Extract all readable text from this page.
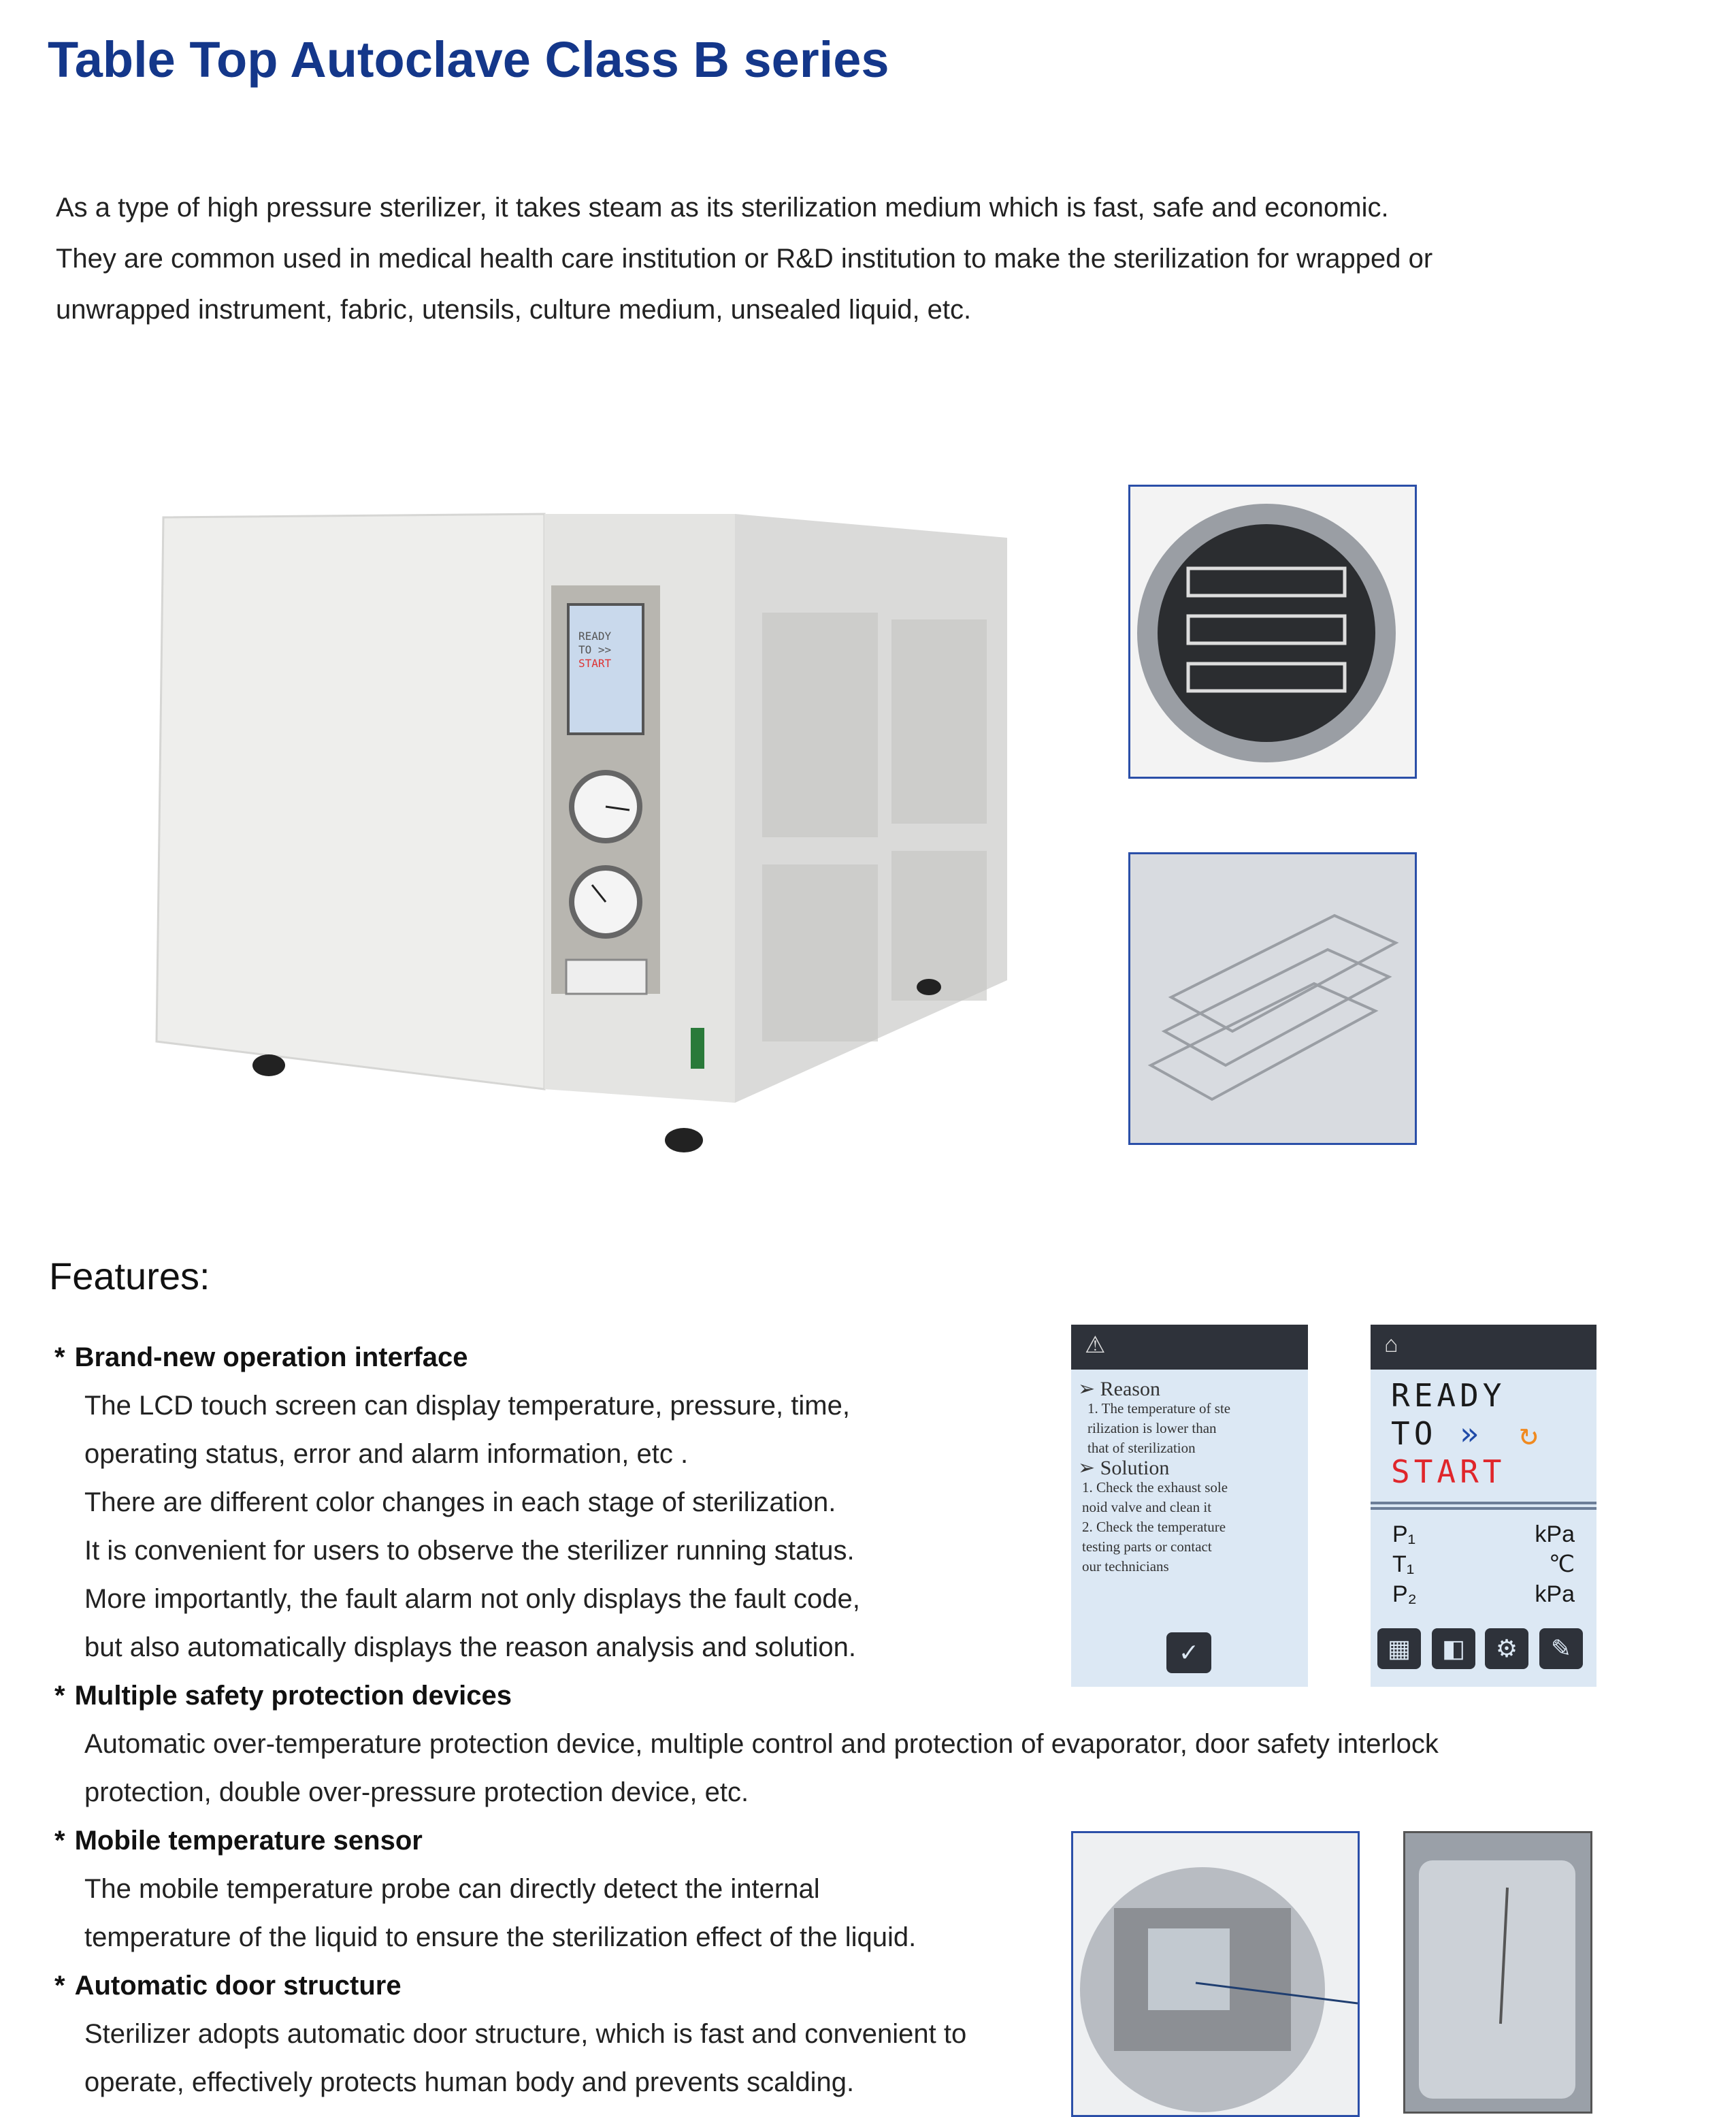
Table Top Autoclave Class B series
As a type of high pressure sterilizer, it takes steam as its sterilization medium which is fast, safe and economic.
They are common used in medical health care institution or R&D institution to make the sterilization for wrapped or
unwrapped instrument, fabric, utensils, culture medium, unsealed liquid, etc.
READY
TO >>
START
Features:
* Brand-new operation interface
The LCD touch screen can display temperature, pressure, time,
operating status, error and alarm information, etc .
There are different color changes in each stage of sterilization.
It is convenient for users to observe the sterilizer running status.
More importantly, the fault alarm not only displays the fault code,
but also automatically displays the reason analysis and solution.
* Multiple safety protection devices
Automatic over-temperature protection device, multiple control and protection of evaporator, door safety interlock
protection, double over-pressure protection device, etc.
* Mobile temperature sensor
The mobile temperature probe can directly detect the internal
temperature of the liquid to ensure the sterilization effect of the liquid.
* Automatic door structure
Sterilizer adopts automatic door structure, which is fast and convenient to
operate, effectively protects human body and prevents scalding.
⚠
➢ Reason
1. The temperature of ste
rilization is lower than
that of sterilization
➢ Solution
1. Check the exhaust sole
noid valve and clean it
2. Check the temperature
testing parts or contact
our technicians
✓
⌂
READY
TO » ↻
START
P₁	kPa
T₁	℃
P₂	kPa
▦	◧	⚙	✎
